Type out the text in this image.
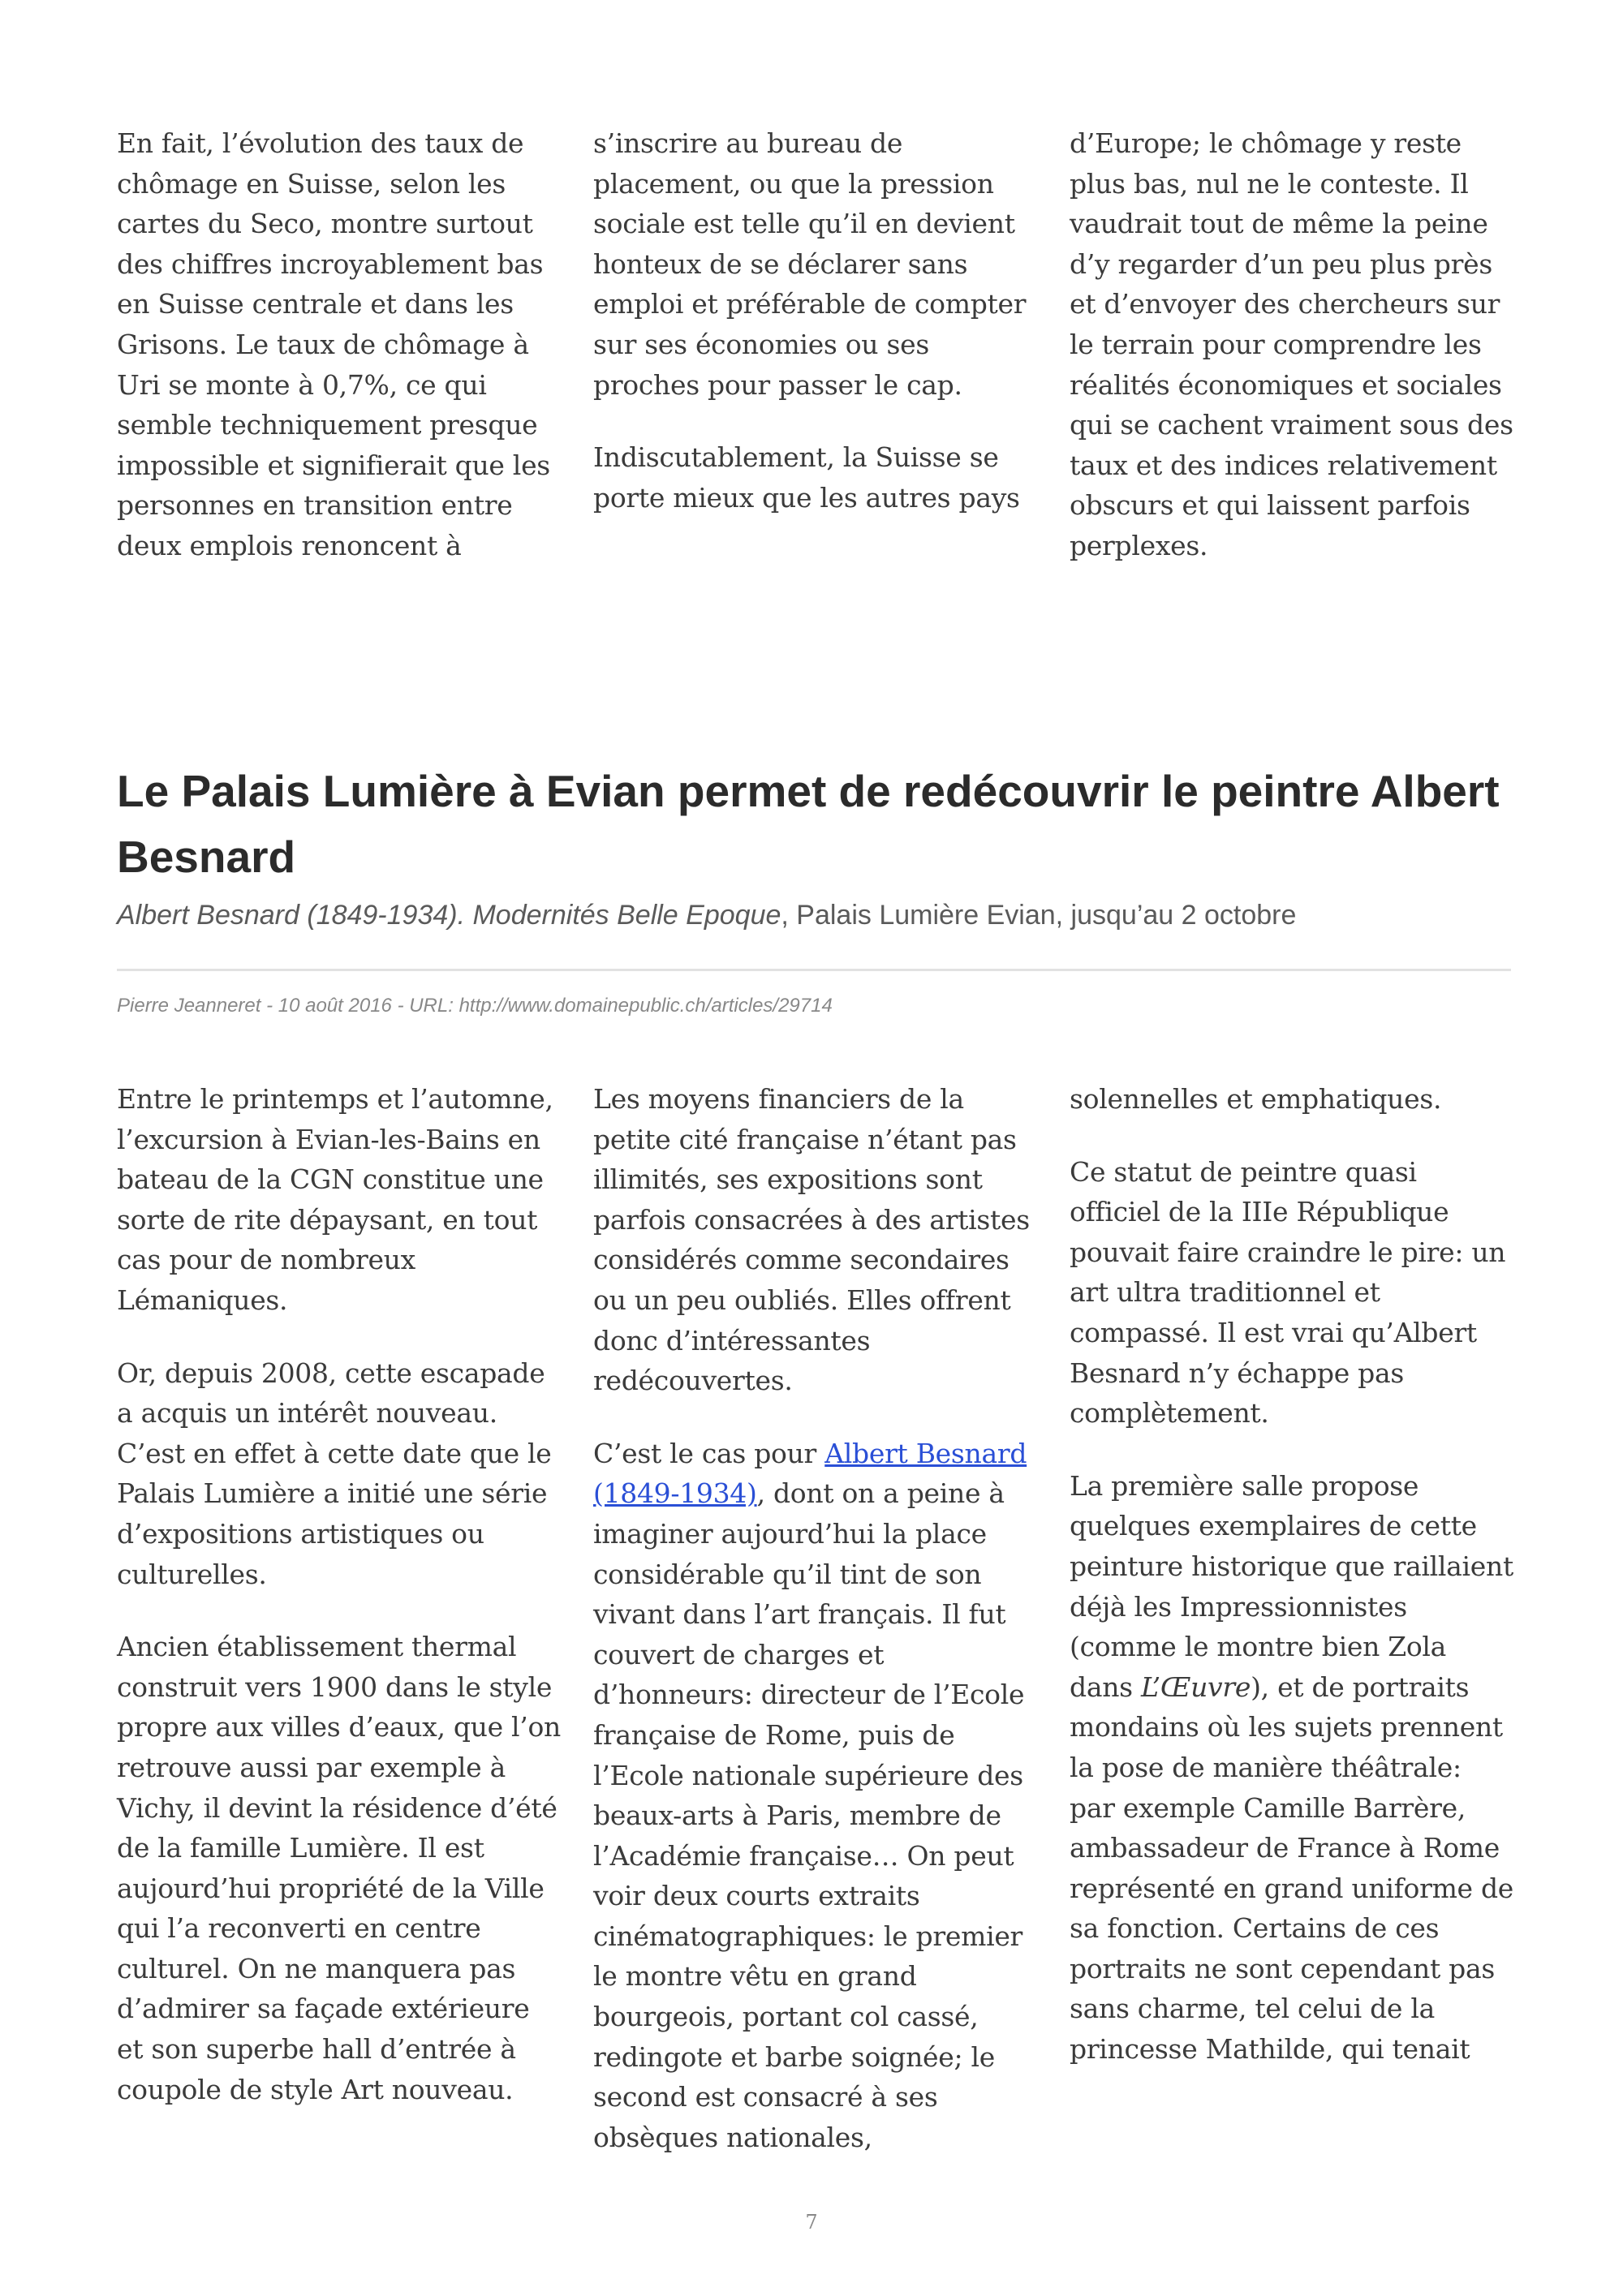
En fait, l’évolution des taux de chômage en Suisse, selon les cartes du Seco, montre surtout des chiffres incroyablement bas en Suisse centrale et dans les Grisons. Le taux de chômage à Uri se monte à 0,7%, ce qui semble techniquement presque impossible et signifierait que les personnes en transition entre deux emplois renoncent à

s’inscrire au bureau de placement, ou que la pression sociale est telle qu’il en devient honteux de se déclarer sans emploi et préférable de compter sur ses économies ou ses proches pour passer le cap.

Indiscutablement, la Suisse se porte mieux que les autres pays

d’Europe; le chômage y reste plus bas, nul ne le conteste. Il vaudrait tout de même la peine d’y regarder d’un peu plus près et d’envoyer des chercheurs sur le terrain pour comprendre les réalités économiques et sociales qui se cachent vraiment sous des taux et des indices relativement obscurs et qui laissent parfois perplexes.

Le Palais Lumière à Evian permet de redécouvrir le peintre Albert Besnard

Albert Besnard (1849-1934). Modernités Belle Epoque, Palais Lumière Evian, jusqu’au 2 octobre

Pierre Jeanneret - 10 août 2016 - URL: http://www.domainepublic.ch/articles/29714

Entre le printemps et l’automne, l’excursion à Evian-les-Bains en bateau de la CGN constitue une sorte de rite dépaysant, en tout cas pour de nombreux Lémaniques.

Or, depuis 2008, cette escapade a acquis un intérêt nouveau. C’est en effet à cette date que le Palais Lumière a initié une série d’expositions artistiques ou culturelles.

Ancien établissement thermal construit vers 1900 dans le style propre aux villes d’eaux, que l’on retrouve aussi par exemple à Vichy, il devint la résidence d’été de la famille Lumière. Il est aujourd’hui propriété de la Ville qui l’a reconverti en centre culturel. On ne manquera pas d’admirer sa façade extérieure et son superbe hall d’entrée à coupole de style Art nouveau.

Les moyens financiers de la petite cité française n’étant pas illimités, ses expositions sont parfois consacrées à des artistes considérés comme secondaires ou un peu oubliés. Elles offrent donc d’intéressantes redécouvertes.

C’est le cas pour Albert Besnard (1849-1934), dont on a peine à imaginer aujourd’hui la place considérable qu’il tint de son vivant dans l’art français. Il fut couvert de charges et d’honneurs: directeur de l’Ecole française de Rome, puis de l’Ecole nationale supérieure des beaux-arts à Paris, membre de l’Académie française… On peut voir deux courts extraits cinématographiques: le premier le montre vêtu en grand bourgeois, portant col cassé, redingote et barbe soignée; le second est consacré à ses obsèques nationales,

solennelles et emphatiques.

Ce statut de peintre quasi officiel de la IIIe République pouvait faire craindre le pire: un art ultra traditionnel et compassé. Il est vrai qu’Albert Besnard n’y échappe pas complètement.

La première salle propose quelques exemplaires de cette peinture historique que raillaient déjà les Impressionnistes (comme le montre bien Zola dans L’Œuvre), et de portraits mondains où les sujets prennent la pose de manière théâtrale: par exemple Camille Barrère, ambassadeur de France à Rome représenté en grand uniforme de sa fonction. Certains de ces portraits ne sont cependant pas sans charme, tel celui de la princesse Mathilde, qui tenait

7
